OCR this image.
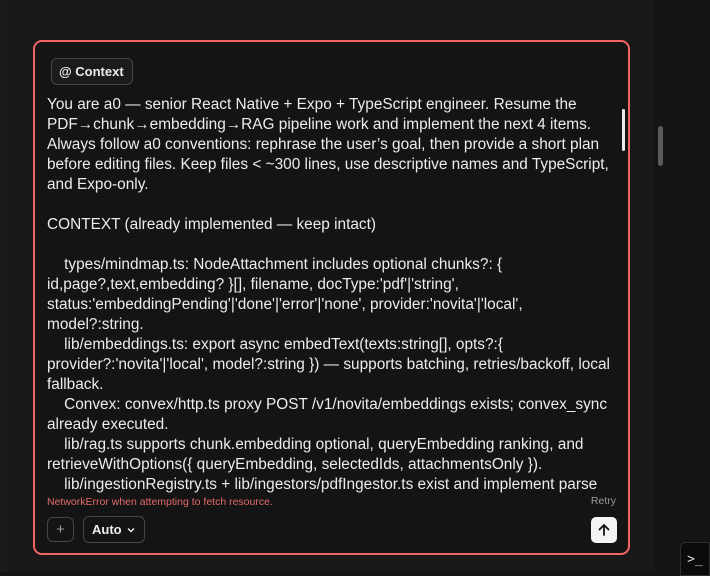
@ Context
You are a0 — senior React Native + Expo + TypeScript engineer. Resume the PDF→chunk→embedding→RAG pipeline work and implement the next 4 items. Always follow a0 conventions: rephrase the user’s goal, then provide a short plan before editing files. Keep files < ~300 lines, use descriptive names and TypeScript, and Expo-only.

CONTEXT (already implemented — keep intact)

types/mindmap.ts: NodeAttachment includes optional chunks?: { id,page?,text,embedding? }[], filename, docType:'pdf'|'string', status:'embeddingPending'|'done'|'error'|'none', provider:'novita'|'local', model?:string.
lib/embeddings.ts: export async embedText(texts:string[], opts?:{ provider?:'novita'|'local', model?:string }) — supports batching, retries/backoff, local fallback.
Convex: convex/http.ts proxy POST /v1/novita/embeddings exists; convex_sync already executed.
lib/rag.ts supports chunk.embedding optional, queryEmbedding ranking, and retrieveWithOptions({ queryEmbedding, selectedIds, attachmentsOnly }).
lib/ingestionRegistry.ts + lib/ingestors/pdfIngestor.ts exist and implement parse
NetworkError when attempting to fetch resource.	Retry
+ Auto
>_
